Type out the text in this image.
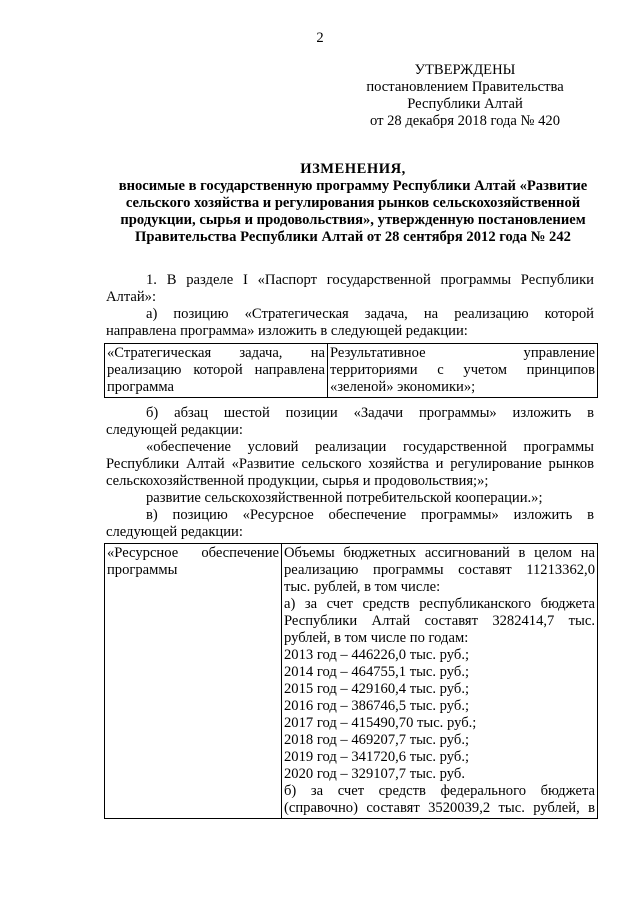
2
УТВЕРЖДЕНЫ
постановлением Правительства
Республики Алтай
от 28 декабря 2018 года № 420
ИЗМЕНЕНИЯ,
вносимые в государственную программу Республики Алтай «Развитие
сельского хозяйства и регулирования рынков сельскохозяйственной
продукции, сырья и продовольствия», утвержденную постановлением
Правительства Республики Алтай от 28 сентября 2012 года № 242
1. В разделе I «Паспорт государственной программы Республики
Алтай»:
а) позицию «Стратегическая задача, на реализацию которой
направлена программа» изложить в следующей редакции:
«Стратегическая задача, на
реализацию которой направлена
программа

Результативное управление
территориями с учетом принципов
«зеленой» экономики»;
б) абзац шестой позиции «Задачи программы» изложить в
следующей редакции:
«обеспечение условий реализации государственной программы
Республики Алтай «Развитие сельского хозяйства и регулирование рынков
сельскохозяйственной продукции, сырья и продовольствия;»;
развитие сельскохозяйственной потребительской кооперации.»;
в) позицию «Ресурсное обеспечение программы» изложить в
следующей редакции:
«Ресурсное обеспечение
программы

Объемы бюджетных ассигнований в целом на
реализацию программы составят 11213362,0
тыс. рублей, в том числе:
а) за счет средств республиканского бюджета
Республики Алтай составят 3282414,7 тыс.
рублей, в том числе по годам:
2013 год – 446226,0 тыс. руб.;
2014 год – 464755,1 тыс. руб.;
2015 год – 429160,4 тыс. руб.;
2016 год – 386746,5 тыс. руб.;
2017 год – 415490,70 тыс. руб.;
2018 год – 469207,7 тыс. руб.;
2019 год – 341720,6 тыс. руб.;
2020 год – 329107,7 тыс. руб.
б) за счет средств федерального бюджета
(справочно) составят 3520039,2 тыс. рублей, в
